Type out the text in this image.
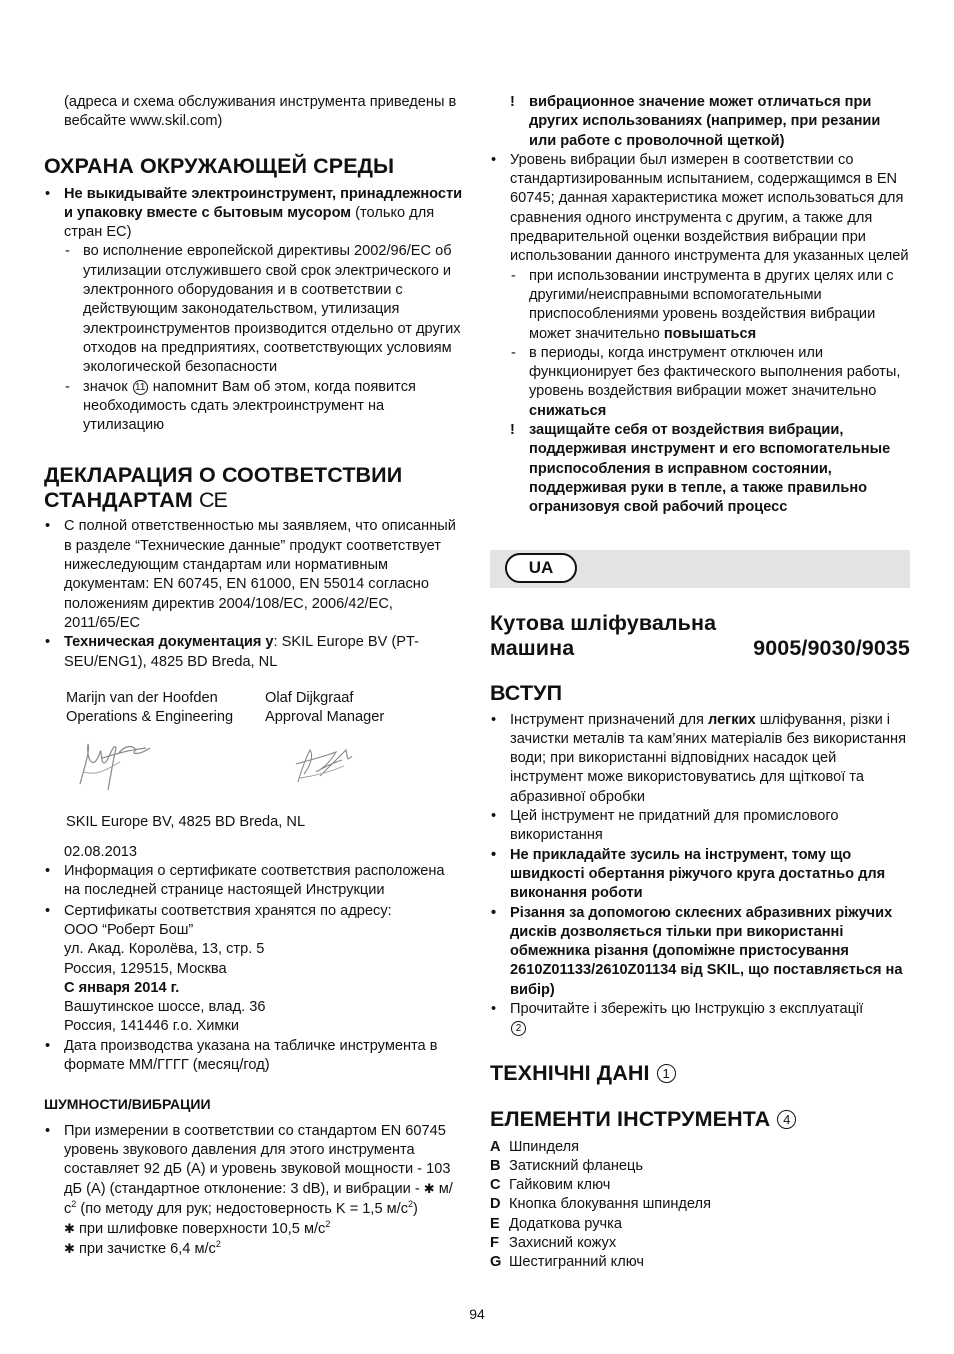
(адреса и схема обслуживания инструмента приведены в вебсайте www.skil.com)

ОХРАНА ОКРУЖАЮЩЕЙ СРЕДЫ
• Не выкидывайте электроинструмент, принадлежности и упаковку вместе с бытовым мусором (только для стран ЕС)
- во исполнение европейской директивы 2002/96/ЕС об утилизации отслужившего свой срок электрического и электронного оборудования и в соответствии с действующим законодательством, утилизация электроинструментов производится отдельно от других отходов на предприятиях, соответствующих условиям экологической безопасности
- значок 11 напомнит Вам об этом, когда появится необходимость сдать электроинструмент на утилизацию
ДЕКЛАРАЦИЯ О СООТВЕТСТВИИ
СТАНДАРТАМ CE
• С полной ответственностью мы заявляем, что описанный в разделе “Технические данные” продукт соответствует нижеследующим стандартам или нормативным документам: EN 60745, EN 61000, EN 55014 согласно положениям директив 2004/108/EC, 2006/42/EC, 2011/65/EC
• Техническая документация у: SKIL Europe BV (PT-SEU/ENG1), 4825 BD Breda, NL
Marijn van der Hoofden
Operations & Engineering
Olaf Dijkgraaf
Approval Manager

SKIL Europe BV, 4825 BD Breda, NL

02.08.2013

• Информация о сертификате соответствия расположена на последней странице настоящей Инструкции
• Сертификаты соответствия хранятся по адресу:
ООО “Роберт Бош”
ул. Акад. Королёва, 13, стр. 5
Россия, 129515, Москва
С января 2014 г.
Вашутинское шоссе, влад. 36
Россия, 141446 г.о. Химки
• Дата производства указана на табличке инструмента в формате ММ/ГГГГ (месяц/год)
ШУМНОСТИ/ВИБРАЦИИ
• При измерении в соответствии со стандартом EN 60745 уровень звукового давления для этого инструмента составляет 92 дБ (А) и уровень звуковой мощности - 103 дБ (А) (стандартное отклонение: 3 dB), и вибрации - ✱ $м/с^2$ (по методу для рук; недостоверность K = 1,5 $м/с^2$)
✱ при шлифовке поверхности 10,5 $м/с^2$
✱ при зачистке 6,4 $м/с^2$
! вибрационное значение может отличаться при других использованиях (например, при резании или работе с проволочной щеткой)
• Уровень вибрации был измерен в соответствии со стандартизированным испытанием, содержащимся в EN 60745; данная характеристика может использоваться для сравнения одного инструмента с другим, а также для предварительной оценки воздействия вибрации при использовании данного инструмента для указанных целей
- при использовании инструмента в других целях или с другими/неисправными вспомогательными приспособлениями уровень воздействия вибрации может значительно повышаться
- в периоды, когда инструмент отключен или функционирует без фактического выполнения работы, уровень воздействия вибрации может значительно снижаться
! защищайте себя от воздействия вибрации, поддерживая инструмент и его вспомогательные приспособления в исправном состоянии, поддерживая руки в тепле, а также правильно огранизовуя свой рабочий процесс
UA
Кутова шліфувальна
машина	9005/9030/9035
ВСТУП
• Інструмент призначений для легких шліфування, різки і зачистки металів та кам’яних матеріалів без використання води; при використанні відповідних насадок цей інструмент може використовуватись для щіткової та абразивної обробки
• Цей інструмент не придатний для промислового використання
• Не прикладайте зусиль на інструмент, тому що швидкості обертання ріжучого круга достатньо для виконання роботи
• Різання за допомогою склеєних абразивних ріжучих дисків дозволяється тільки при використанні обмежника різання (допоміжне пристосування 2610Z01133/2610Z01134 від SKIL, що поставляється на вибір)
• Прочитайте і збережіть цю Інструкцію з експлуатації
2
ТЕХНІЧНІ ДАНІ 1
ЕЛЕМЕНТИ ІНСТРУМЕНТА 4
A Шпинделя
B Затискний фланець
C Гайковим ключ
D Кнопка блокування шпинделя
E Додаткова ручка
F Захисний кожух
G Шестигранний ключ
94
